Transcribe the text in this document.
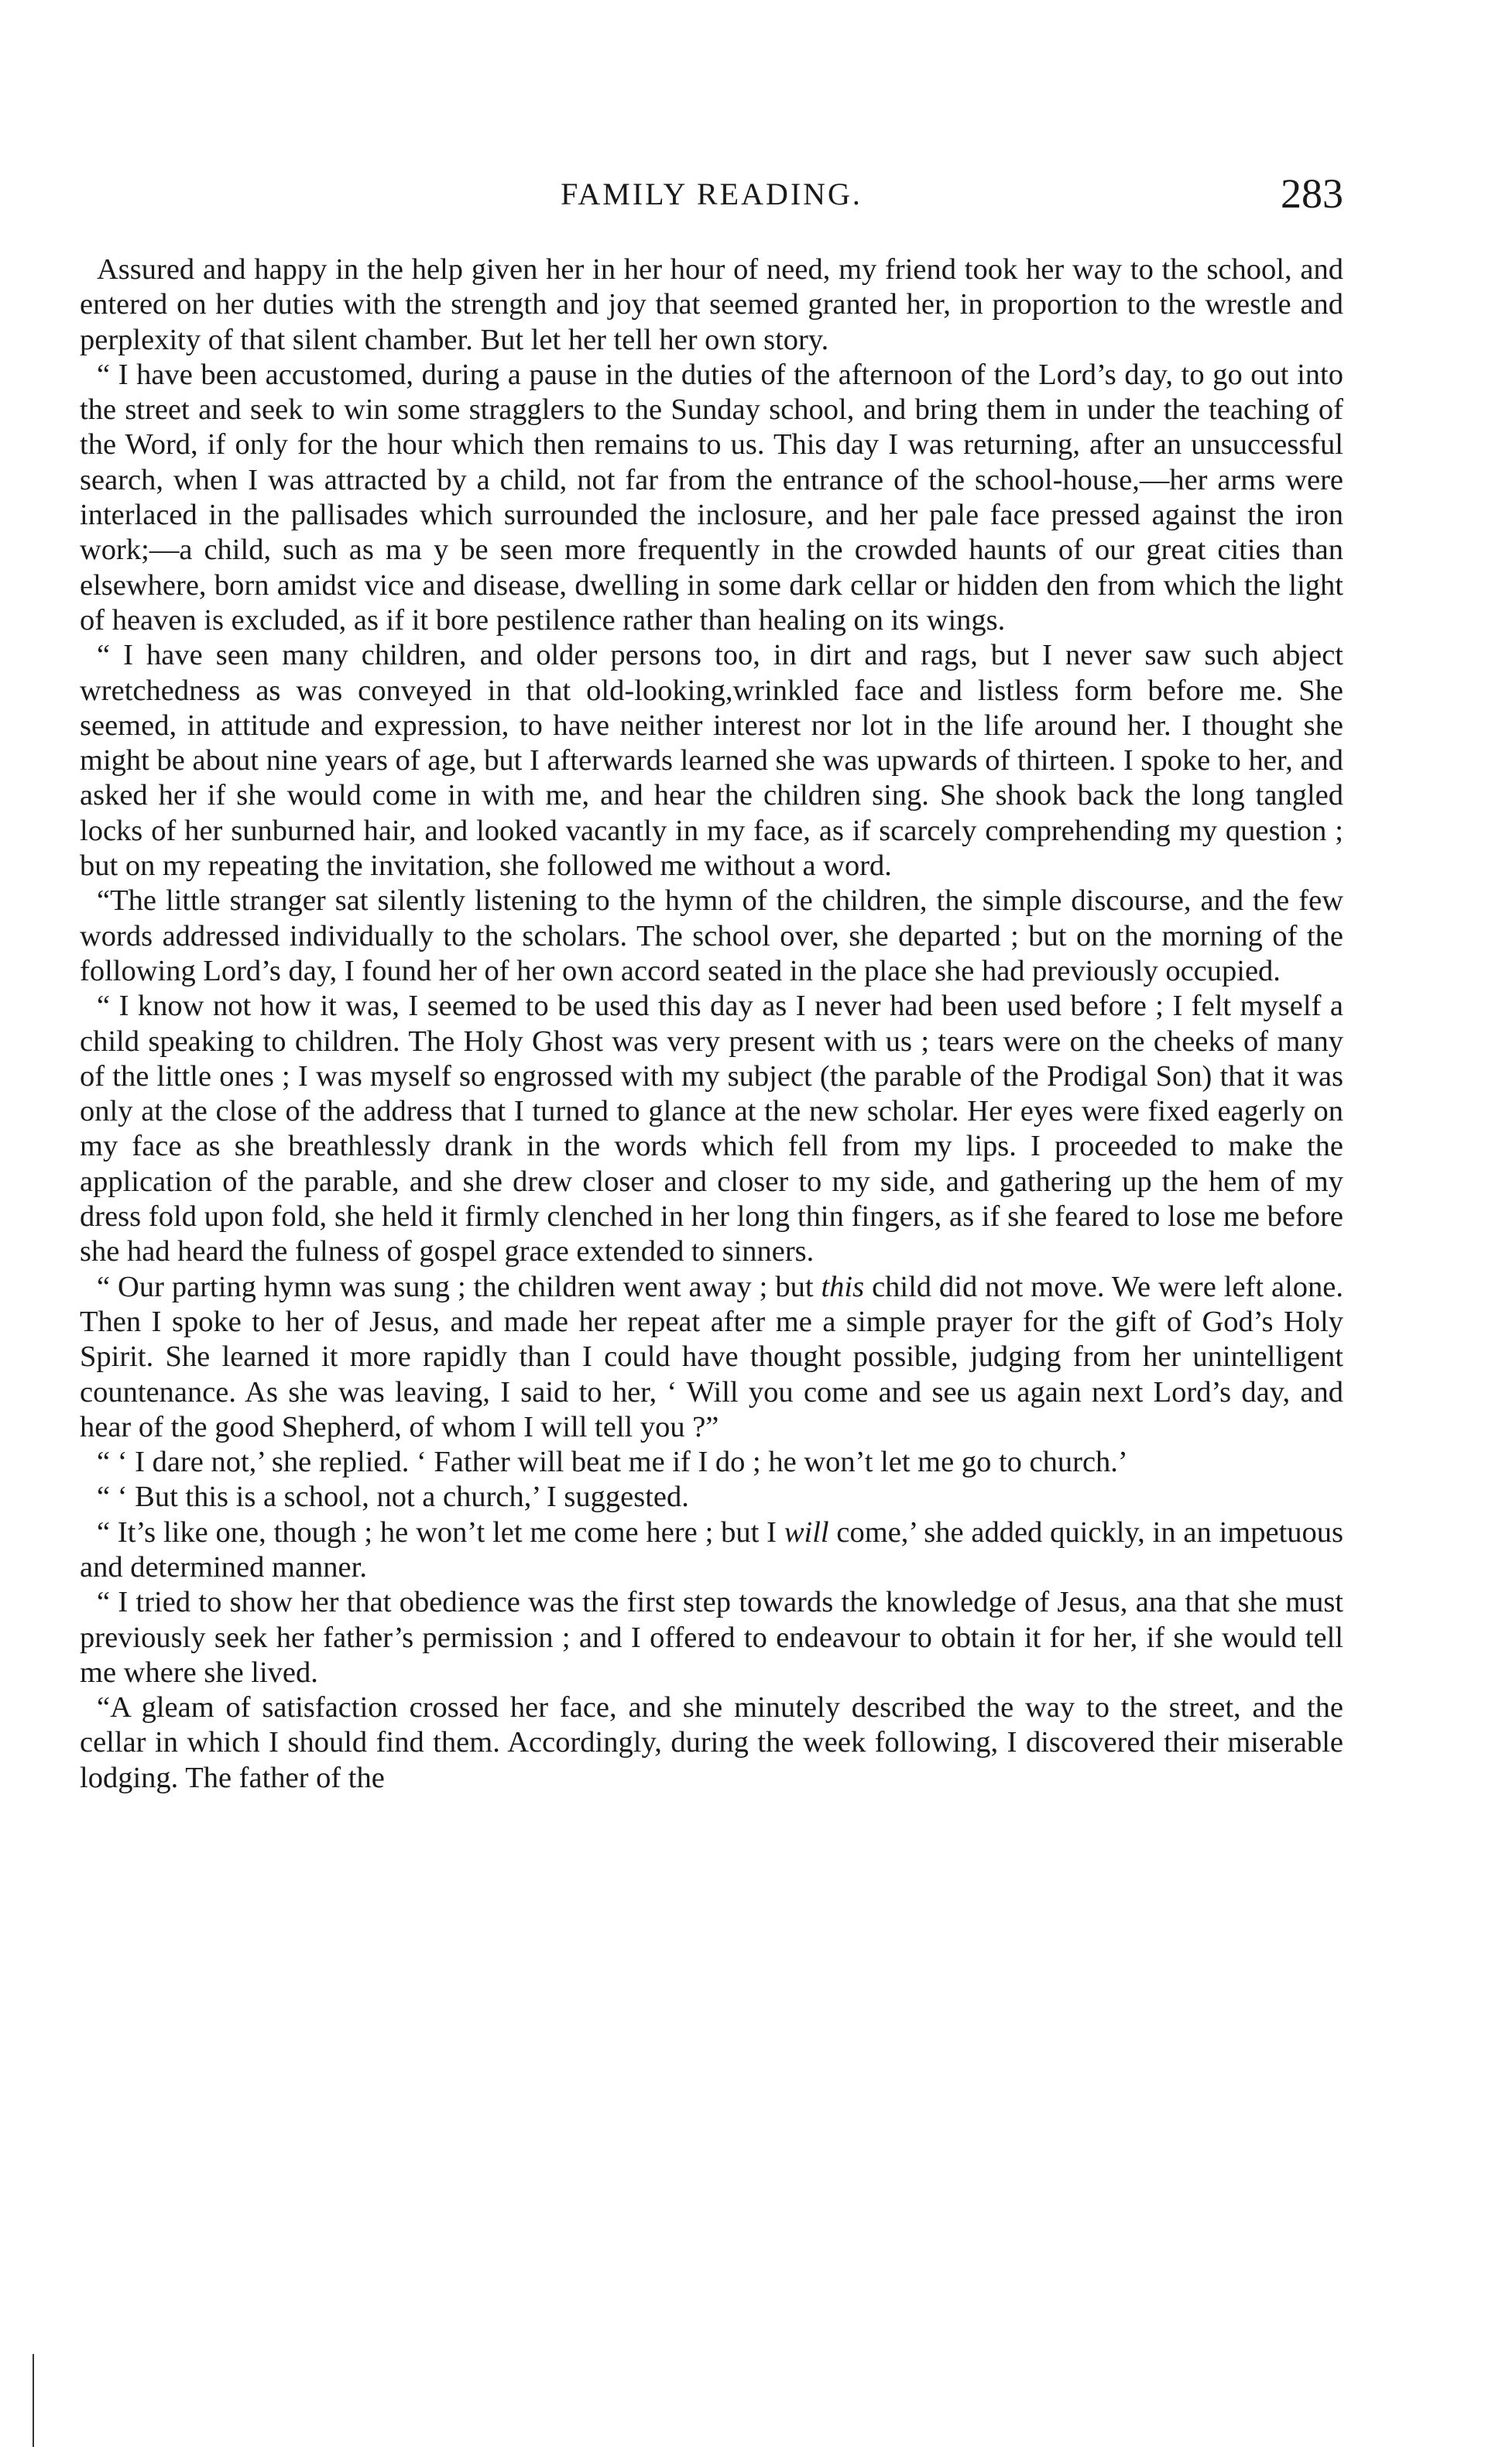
FAMILY READING.	283

Assured and happy in the help given her in her hour of need, my friend took her way to the school, and entered on her duties with the strength and joy that seemed granted her, in proportion to the wrestle and perplexity of that silent chamber. But let her tell her own story.

“ I have been accustomed, during a pause in the duties of the afternoon of the Lord’s day, to go out into the street and seek to win some stragglers to the Sunday school, and bring them in under the teaching of the Word, if only for the hour which then remains to us. This day I was returning, after an unsuccessful search, when I was attracted by a child, not far from the entrance of the school-house,—her arms were interlaced in the pallisades which surrounded the inclosure, and her pale face pressed against the iron work;—a child, such as ma y be seen more frequently in the crowded haunts of our great cities than elsewhere, born amidst vice and disease, dwelling in some dark cellar or hidden den from which the light of heaven is excluded, as if it bore pestilence rather than healing on its wings.

“ I have seen many children, and older persons too, in dirt and rags, but I never saw such abject wretchedness as was conveyed in that old-looking,wrinkled face and listless form before me. She seemed, in attitude and expression, to have neither interest nor lot in the life around her. I thought she might be about nine years of age, but I afterwards learned she was upwards of thirteen. I spoke to her, and asked her if she would come in with me, and hear the children sing. She shook back the long tangled locks of her sunburned hair, and looked vacantly in my face, as if scarcely comprehending my question ; but on my repeating the invitation, she followed me without a word.

“The little stranger sat silently listening to the hymn of the children, the simple discourse, and the few words addressed individually to the scholars. The school over, she departed ; but on the morning of the following Lord’s day, I found her of her own accord seated in the place she had previously occupied.

“ I know not how it was, I seemed to be used this day as I never had been used before ; I felt myself a child speaking to children. The Holy Ghost was very present with us ; tears were on the cheeks of many of the little ones ; I was myself so engrossed with my subject (the parable of the Prodigal Son) that it was only at the close of the address that I turned to glance at the new scholar. Her eyes were fixed eagerly on my face as she breathlessly drank in the words which fell from my lips. I proceeded to make the application of the parable, and she drew closer and closer to my side, and gathering up the hem of my dress fold upon fold, she held it firmly clenched in her long thin fingers, as if she feared to lose me before she had heard the fulness of gospel grace extended to sinners.

“ Our parting hymn was sung ; the children went away ; but this child did not move. We were left alone. Then I spoke to her of Jesus, and made her repeat after me a simple prayer for the gift of God’s Holy Spirit. She learned it more rapidly than I could have thought possible, judging from her unintelligent countenance. As she was leaving, I said to her, ‘ Will you come and see us again next Lord’s day, and hear of the good Shepherd, of whom I will tell you ?”

“ ‘ I dare not,’ she replied. ‘ Father will beat me if I do ; he won’t let me go to church.’

“ ‘ But this is a school, not a church,’ I suggested.

“ It’s like one, though ; he won’t let me come here ; but I will come,’ she added quickly, in an impetuous and determined manner.

“ I tried to show her that obedience was the first step towards the knowledge of Jesus, ana that she must previously seek her father’s permission ; and I offered to endeavour to obtain it for her, if she would tell me where she lived.

“A gleam of satisfaction crossed her face, and she minutely described the way to the street, and the cellar in which I should find them. Accordingly, during the week following, I discovered their miserable lodging. The father of the
